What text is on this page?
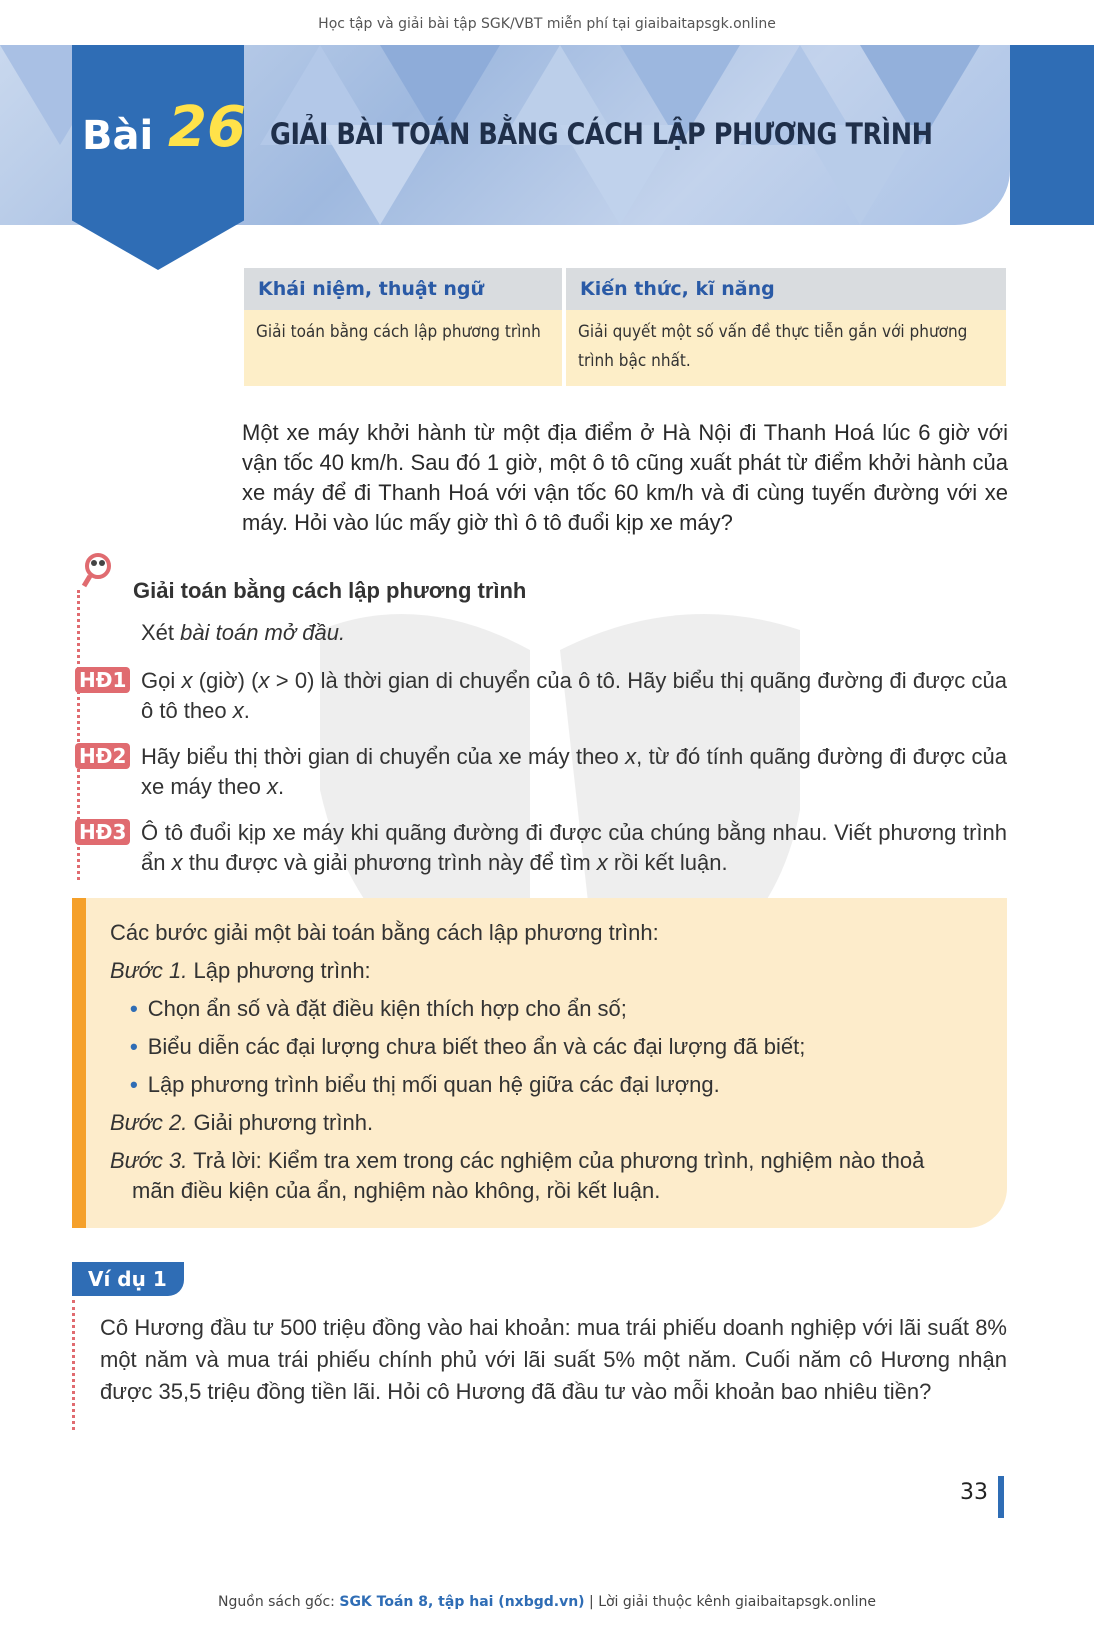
Học tập và giải bài tập SGK/VBT miễn phí tại giaibaitapsgk.online
Bài 26 GIẢI BÀI TOÁN BẰNG CÁCH LẬP PHƯƠNG TRÌNH
Khái niệm, thuật ngữ
Giải toán bằng cách lập phương trình
Kiến thức, kĩ năng
Giải quyết một số vấn đề thực tiễn gắn với phương trình bậc nhất.
Một xe máy khởi hành từ một địa điểm ở Hà Nội đi Thanh Hoá lúc 6 giờ với vận tốc 40 km/h. Sau đó 1 giờ, một ô tô cũng xuất phát từ điểm khởi hành của xe máy để đi Thanh Hoá với vận tốc 60 km/h và đi cùng tuyến đường với xe máy. Hỏi vào lúc mấy giờ thì ô tô đuổi kịp xe máy?
Giải toán bằng cách lập phương trình
Xét bài toán mở đầu.
HĐ1 Gọi x (giờ) (x > 0) là thời gian di chuyển của ô tô. Hãy biểu thị quãng đường đi được của ô tô theo x.
HĐ2 Hãy biểu thị thời gian di chuyển của xe máy theo x, từ đó tính quãng đường đi được của xe máy theo x.
HĐ3 Ô tô đuổi kịp xe máy khi quãng đường đi được của chúng bằng nhau. Viết phương trình ẩn x thu được và giải phương trình này để tìm x rồi kết luận.
Các bước giải một bài toán bằng cách lập phương trình:
Bước 1. Lập phương trình:
• Chọn ẩn số và đặt điều kiện thích hợp cho ẩn số;
• Biểu diễn các đại lượng chưa biết theo ẩn và các đại lượng đã biết;
• Lập phương trình biểu thị mối quan hệ giữa các đại lượng.
Bước 2. Giải phương trình.
Bước 3. Trả lời: Kiểm tra xem trong các nghiệm của phương trình, nghiệm nào thoả
mãn điều kiện của ẩn, nghiệm nào không, rồi kết luận.
Ví dụ 1
Cô Hương đầu tư 500 triệu đồng vào hai khoản: mua trái phiếu doanh nghiệp với lãi suất 8% một năm và mua trái phiếu chính phủ với lãi suất 5% một năm. Cuối năm cô Hương nhận được 35,5 triệu đồng tiền lãi. Hỏi cô Hương đã đầu tư vào mỗi khoản bao nhiêu tiền?
33
Nguồn sách gốc: SGK Toán 8, tập hai (nxbgd.vn) | Lời giải thuộc kênh giaibaitapsgk.online
